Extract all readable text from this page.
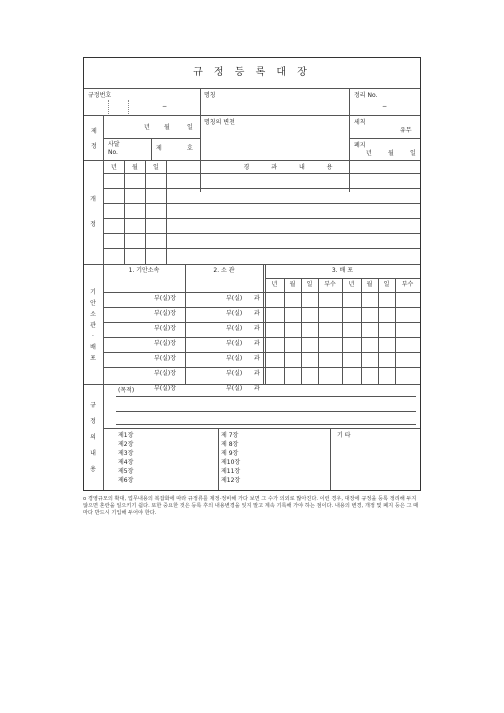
규 정 등 록 대 장
규정번호
−
명칭	정리 No.
−
제
정
년 월	일
명칭의 변천	세칙
유무
사달
No.
제	호	폐지
년	월	일
개
정
년	월	일	경 과 내 용
기
안
소
관
·
배
포
1. 기안소속	2. 소 관	3. 배 포
년	월	일	부수	년	월	일	부수
부(실)장	부(실) 과
부(실)장	부(실) 과
부(실)장	부(실) 과
부(실)장	부(실) 과
부(실)장	부(실) 과
부(실)장	부(실) 과
부(실)장	부(실) 과
규
정
의
내
용
(목적)
기 타
제1장
제2장
제3장
제4장
제5장
제6장
제 7장
제 8장
제 9장
제10장
제11장
제12장
o 경영규모의 확대, 업무내용의 복잡화에 따라 규정류를 제정·정비해 가다 보면 그 수가 의외로 많아진다. 이런 경우, 대장에 규정을 등록 정리해 두지 않으면 혼란을 일으키기 쉽다. 또한 중요한 것은 등록 후의 내용변경을 잊지 말고 계속 기록해 가야 하는 점이다. 내용의 변경, 개정 및 폐지 등은 그 때마다 반드시 기입해 두어야 한다.
